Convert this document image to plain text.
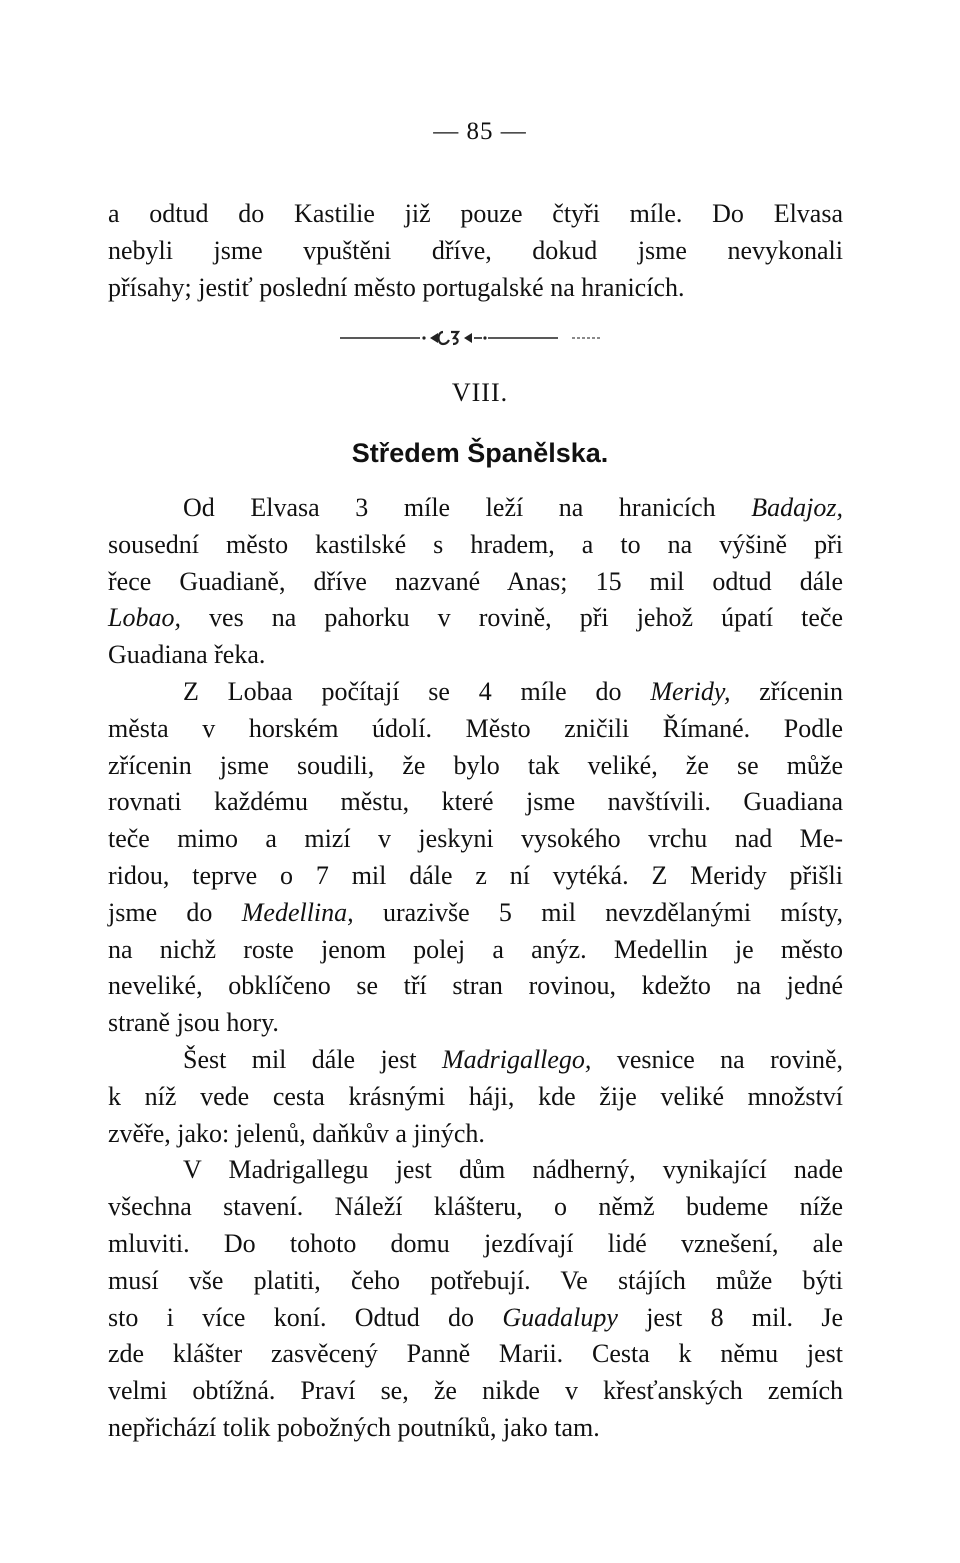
— 85 —
a odtud do Kastilie již pouze čtyři míle. Do Elvasa
nebyli jsme vpuštěni dříve, dokud jsme nevykonali
přísahy; jestiť poslední město portugalské na hranicích.
VIII.
Středem Španělska.
Od Elvasa 3 míle leží na hranicích Badajoz,
sousední město kastilské s hradem, a to na výšině při
řece Guadianě, dříve nazvané Anas; 15 mil odtud dále
Lobao, ves na pahorku v rovině, při jehož úpatí teče
Guadiana řeka.
Z Lobaa počítají se 4 míle do Meridy, zřícenin
města v horském údolí. Město zničili Římané. Podle
zřícenin jsme soudili, že bylo tak veliké, že se může
rovnati každému městu, které jsme navštívili. Guadiana
teče mimo a mizí v jeskyni vysokého vrchu nad Me-
ridou, teprve o 7 mil dále z ní vytéká. Z Meridy přišli
jsme do Medellina, urazivše 5 mil nevzdělanými místy,
na nichž roste jenom polej a anýz. Medellin je město
neveliké, obklíčeno se tří stran rovinou, kdežto na jedné
straně jsou hory.
Šest mil dále jest Madrigallego, vesnice na rovině,
k níž vede cesta krásnými háji, kde žije veliké množství
zvěře, jako: jelenů, daňkův a jiných.
V Madrigallegu jest dům nádherný, vynikající nade
všechna stavení. Náleží klášteru, o němž budeme níže
mluviti. Do tohoto domu jezdívají lidé vznešení, ale
musí vše platiti, čeho potřebují. Ve stájích může býti
sto i více koní. Odtud do Guadalupy jest 8 mil. Je
zde klášter zasvěcený Panně Marii. Cesta k němu jest
velmi obtížná. Praví se, že nikde v křesťanských zemích
nepřichází tolik pobožných poutníků, jako tam.
